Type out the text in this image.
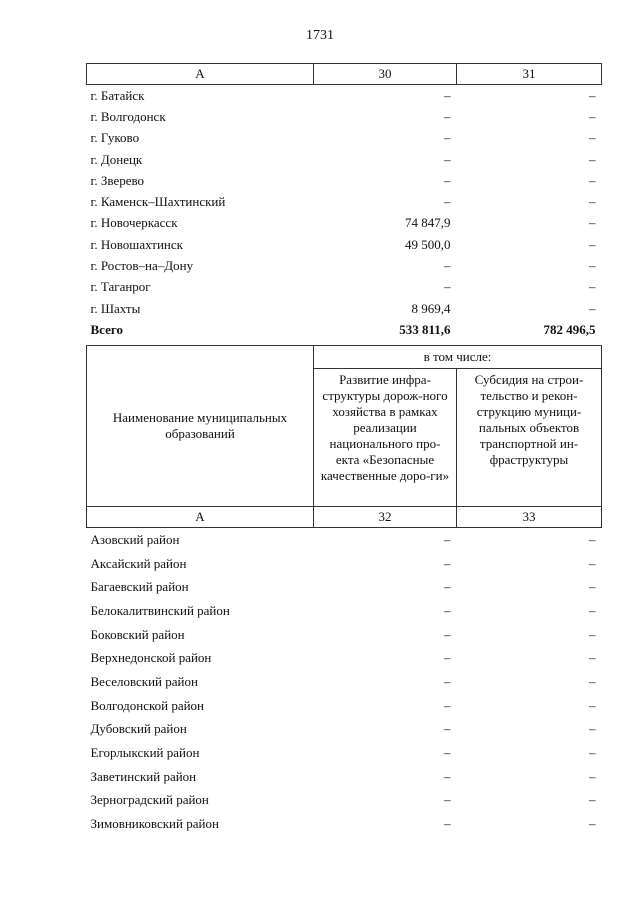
1731
А	30	31
г. Батайск	–	–
г. Волгодонск	–	–
г. Гуково	–	–
г. Донецк	–	–
г. Зверево	–	–
г. Каменск–Шахтинский	–	–
г. Новочеркасск	74 847,9	–
г. Новошахтинск	49 500,0	–
г. Ростов–на–Дону	–	–
г. Таганрог	–	–
г. Шахты	8 969,4	–
Всего	533 811,6	782 496,5
Наименование муниципальных образований	в том числе:	
	Развитие инфра-структуры дорож-ного хозяйства в рамках реализации национального про-екта «Безопасные качественные доро-ги»	Субсидия на строи-тельство и рекон-струкцию муници-пальных объектов транспортной ин-фраструктуры
А	32	33
Азовский район	–	–
Аксайский район	–	–
Багаевский район	–	–
Белокалитвинский район	–	–
Боковский район	–	–
Верхнедонской район	–	–
Веселовский район	–	–
Волгодонской район	–	–
Дубовский район	–	–
Егорлыкский район	–	–
Заветинский район	–	–
Зерноградский район	–	–
Зимовниковский район	–	–
